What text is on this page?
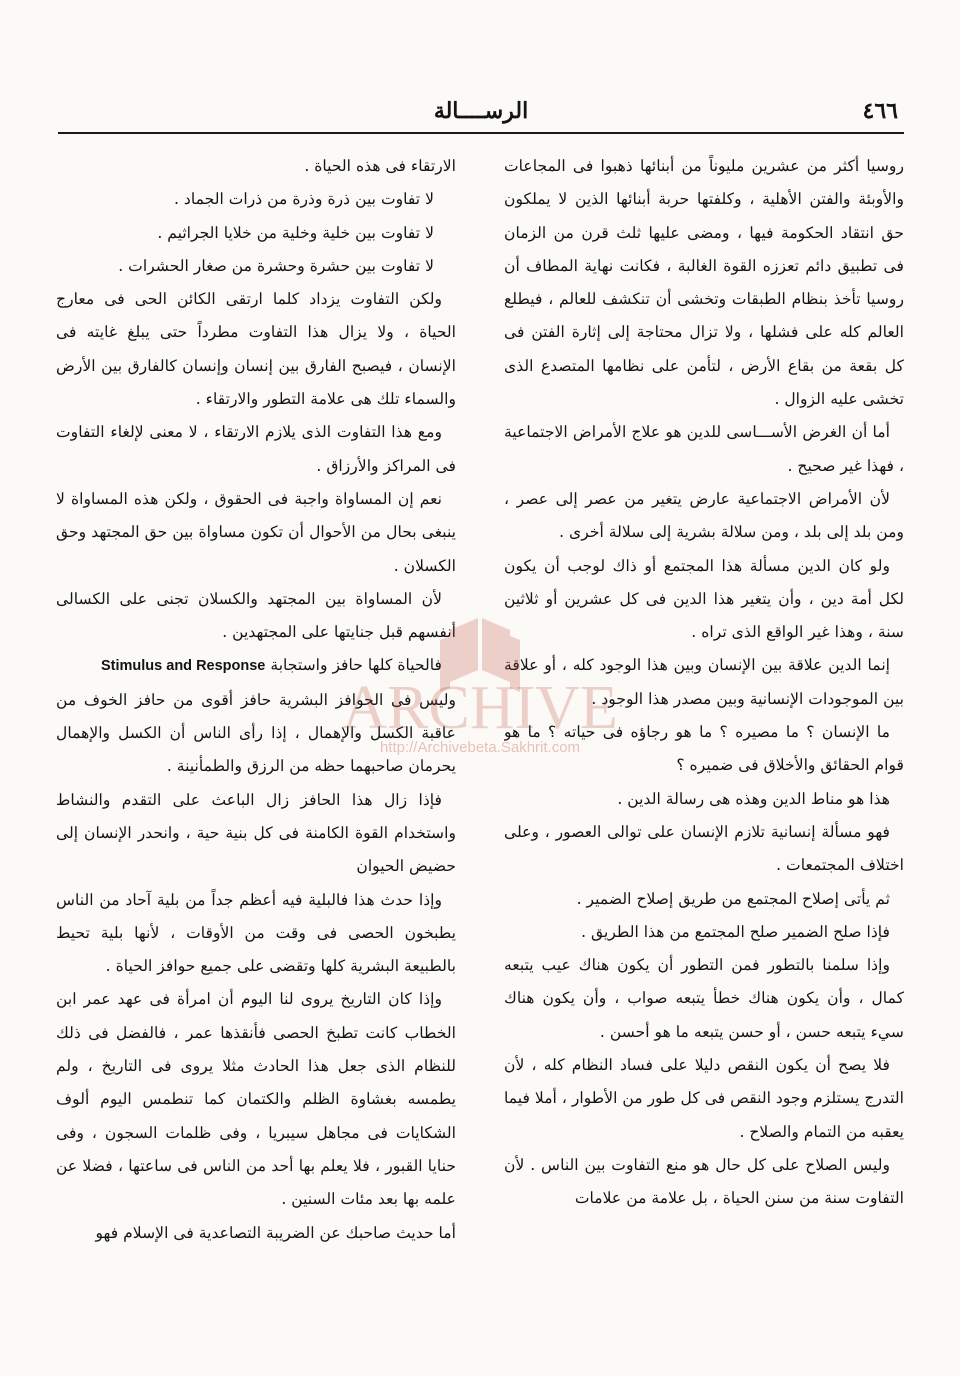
٤٦٦
الرســــالة

روسيا أكثر من عشرين مليوناً من أبنائها ذهبوا فى المجاعات والأوبئة والفتن الأهلية ، وكلفتها حربة أبنائها الذين لا يملكون حق انتقاد الحكومة فيها ، ومضى عليها ثلث قرن من الزمان فى تطبيق دائم تعززه القوة الغالبة ، فكانت نهاية المطاف أن روسيا تأخذ بنظام الطبقات وتخشى أن تنكشف للعالم ، فيطلع العالم كله على فشلها ، ولا تزال محتاجة إلى إثارة الفتن فى كل بقعة من بقاع الأرض ، لتأمن على نظامها المتصدع الذى تخشى عليه الزوال .

أما أن الغرض الأســـاسى للدين هو علاج الأمراض الاجتماعية ، فهذا غير صحيح .

لأن الأمراض الاجتماعية عارض يتغير من عصر إلى عصر ، ومن بلد إلى بلد ، ومن سلالة بشرية إلى سلالة أخرى .

ولو كان الدين مسألة هذا المجتمع أو ذاك لوجب أن يكون لكل أمة دين ، وأن يتغير هذا الدين فى كل عشرين أو ثلاثين سنة ، وهذا غير الواقع الذى تراه .

إنما الدين علاقة بين الإنسان وبين هذا الوجود كله ، أو علاقة بين الموجودات الإنسانية وبين مصدر هذا الوجود .

ما الإنسان ؟ ما مصيره ؟ ما هو رجاؤه فى حياته ؟ ما هو قوام الحقائق والأخلاق فى ضميره ؟

هذا هو مناط الدين وهذه هى رسالة الدين .

فهو مسألة إنسانية تلازم الإنسان على توالى العصور ، وعلى اختلاف المجتمعات .

ثم يأتى إصلاح المجتمع من طريق إصلاح الضمير .

فإذا صلح الضمير صلح المجتمع من هذا الطريق .

وإذا سلمنا بالتطور فمن التطور أن يكون هناك عيب يتبعه كمال ، وأن يكون هناك خطأ يتبعه صواب ، وأن يكون هناك سيء يتبعه حسن ، أو حسن يتبعه ما هو أحسن .

فلا يصح أن يكون النقص دليلا على فساد النظام كله ، لأن التدرج يستلزم وجود النقص فى كل طور من الأطوار ، أملا فيما يعقبه من التمام والصلاح .

وليس الصلاح على كل حال هو منع التفاوت بين الناس . لأن التفاوت سنة من سنن الحياة ، بل علامة من علامات

الارتقاء فى هذه الحياة .

لا تفاوت بين ذرة وذرة من ذرات الجماد .

لا تفاوت بين خلية وخلية من خلايا الجراثيم .

لا تفاوت بين حشرة وحشرة من صغار الحشرات .

ولكن التفاوت يزداد كلما ارتقى الكائن الحى فى معارج الحياة ، ولا يزال هذا التفاوت مطرداً حتى يبلغ غايته فى الإنسان ، فيصبح الفارق بين إنسان وإنسان كالفارق بين الأرض والسماء تلك هى علامة التطور والارتقاء .

ومع هذا التفاوت الذى يلازم الارتقاء ، لا معنى لإلغاء التفاوت فى المراكز والأرزاق .

نعم إن المساواة واجبة فى الحقوق ، ولكن هذه المساواة لا ينبغى بحال من الأحوال أن تكون مساواة بين حق المجتهد وحق الكسلان .

لأن المساواة بين المجتهد والكسلان تجنى على الكسالى أنفسهم قبل جنايتها على المجتهدين .

فالحياة كلها حافز واستجابة Stimulus and Response

وليس فى الحوافز البشرية حافز أقوى من حافز الخوف من عاقبة الكسل والإهمال ، إذا رأى الناس أن الكسل والإهمال يحرمان صاحبهما حظه من الرزق والطمأنينة .

فإذا زال هذا الحافز زال الباعث على التقدم والنشاط واستخدام القوة الكامنة فى كل بنية حية ، وانحدر الإنسان إلى حضيض الحيوان

وإذا حدث هذا فالبلية فيه أعظم جداً من بلية آحاد من الناس يطبخون الحصى فى وقت من الأوقات ، لأنها بلية تحيط بالطبيعة البشرية كلها وتقضى على جميع حوافز الحياة .

وإذا كان التاريخ يروى لنا اليوم أن امرأة فى عهد عمر ابن الخطاب كانت تطبخ الحصى فأنقذها عمر ، فالفضل فى ذلك للنظام الذى جعل هذا الحادث مثلا يروى فى التاريخ ، ولم يطمسه بغشاوة الظلم والكتمان كما تنطمس اليوم ألوف الشكايات فى مجاهل سيبريا ، وفى ظلمات السجون ، وفى حنايا القبور ، فلا يعلم بها أحد من الناس فى ساعتها ، فضلا عن علمه بها بعد مئات السنين .

أما حديث صاحبك عن الضريبة التصاعدية فى الإسلام فهو

ARCHIVE
http://Archivebeta.Sakhrit.com
